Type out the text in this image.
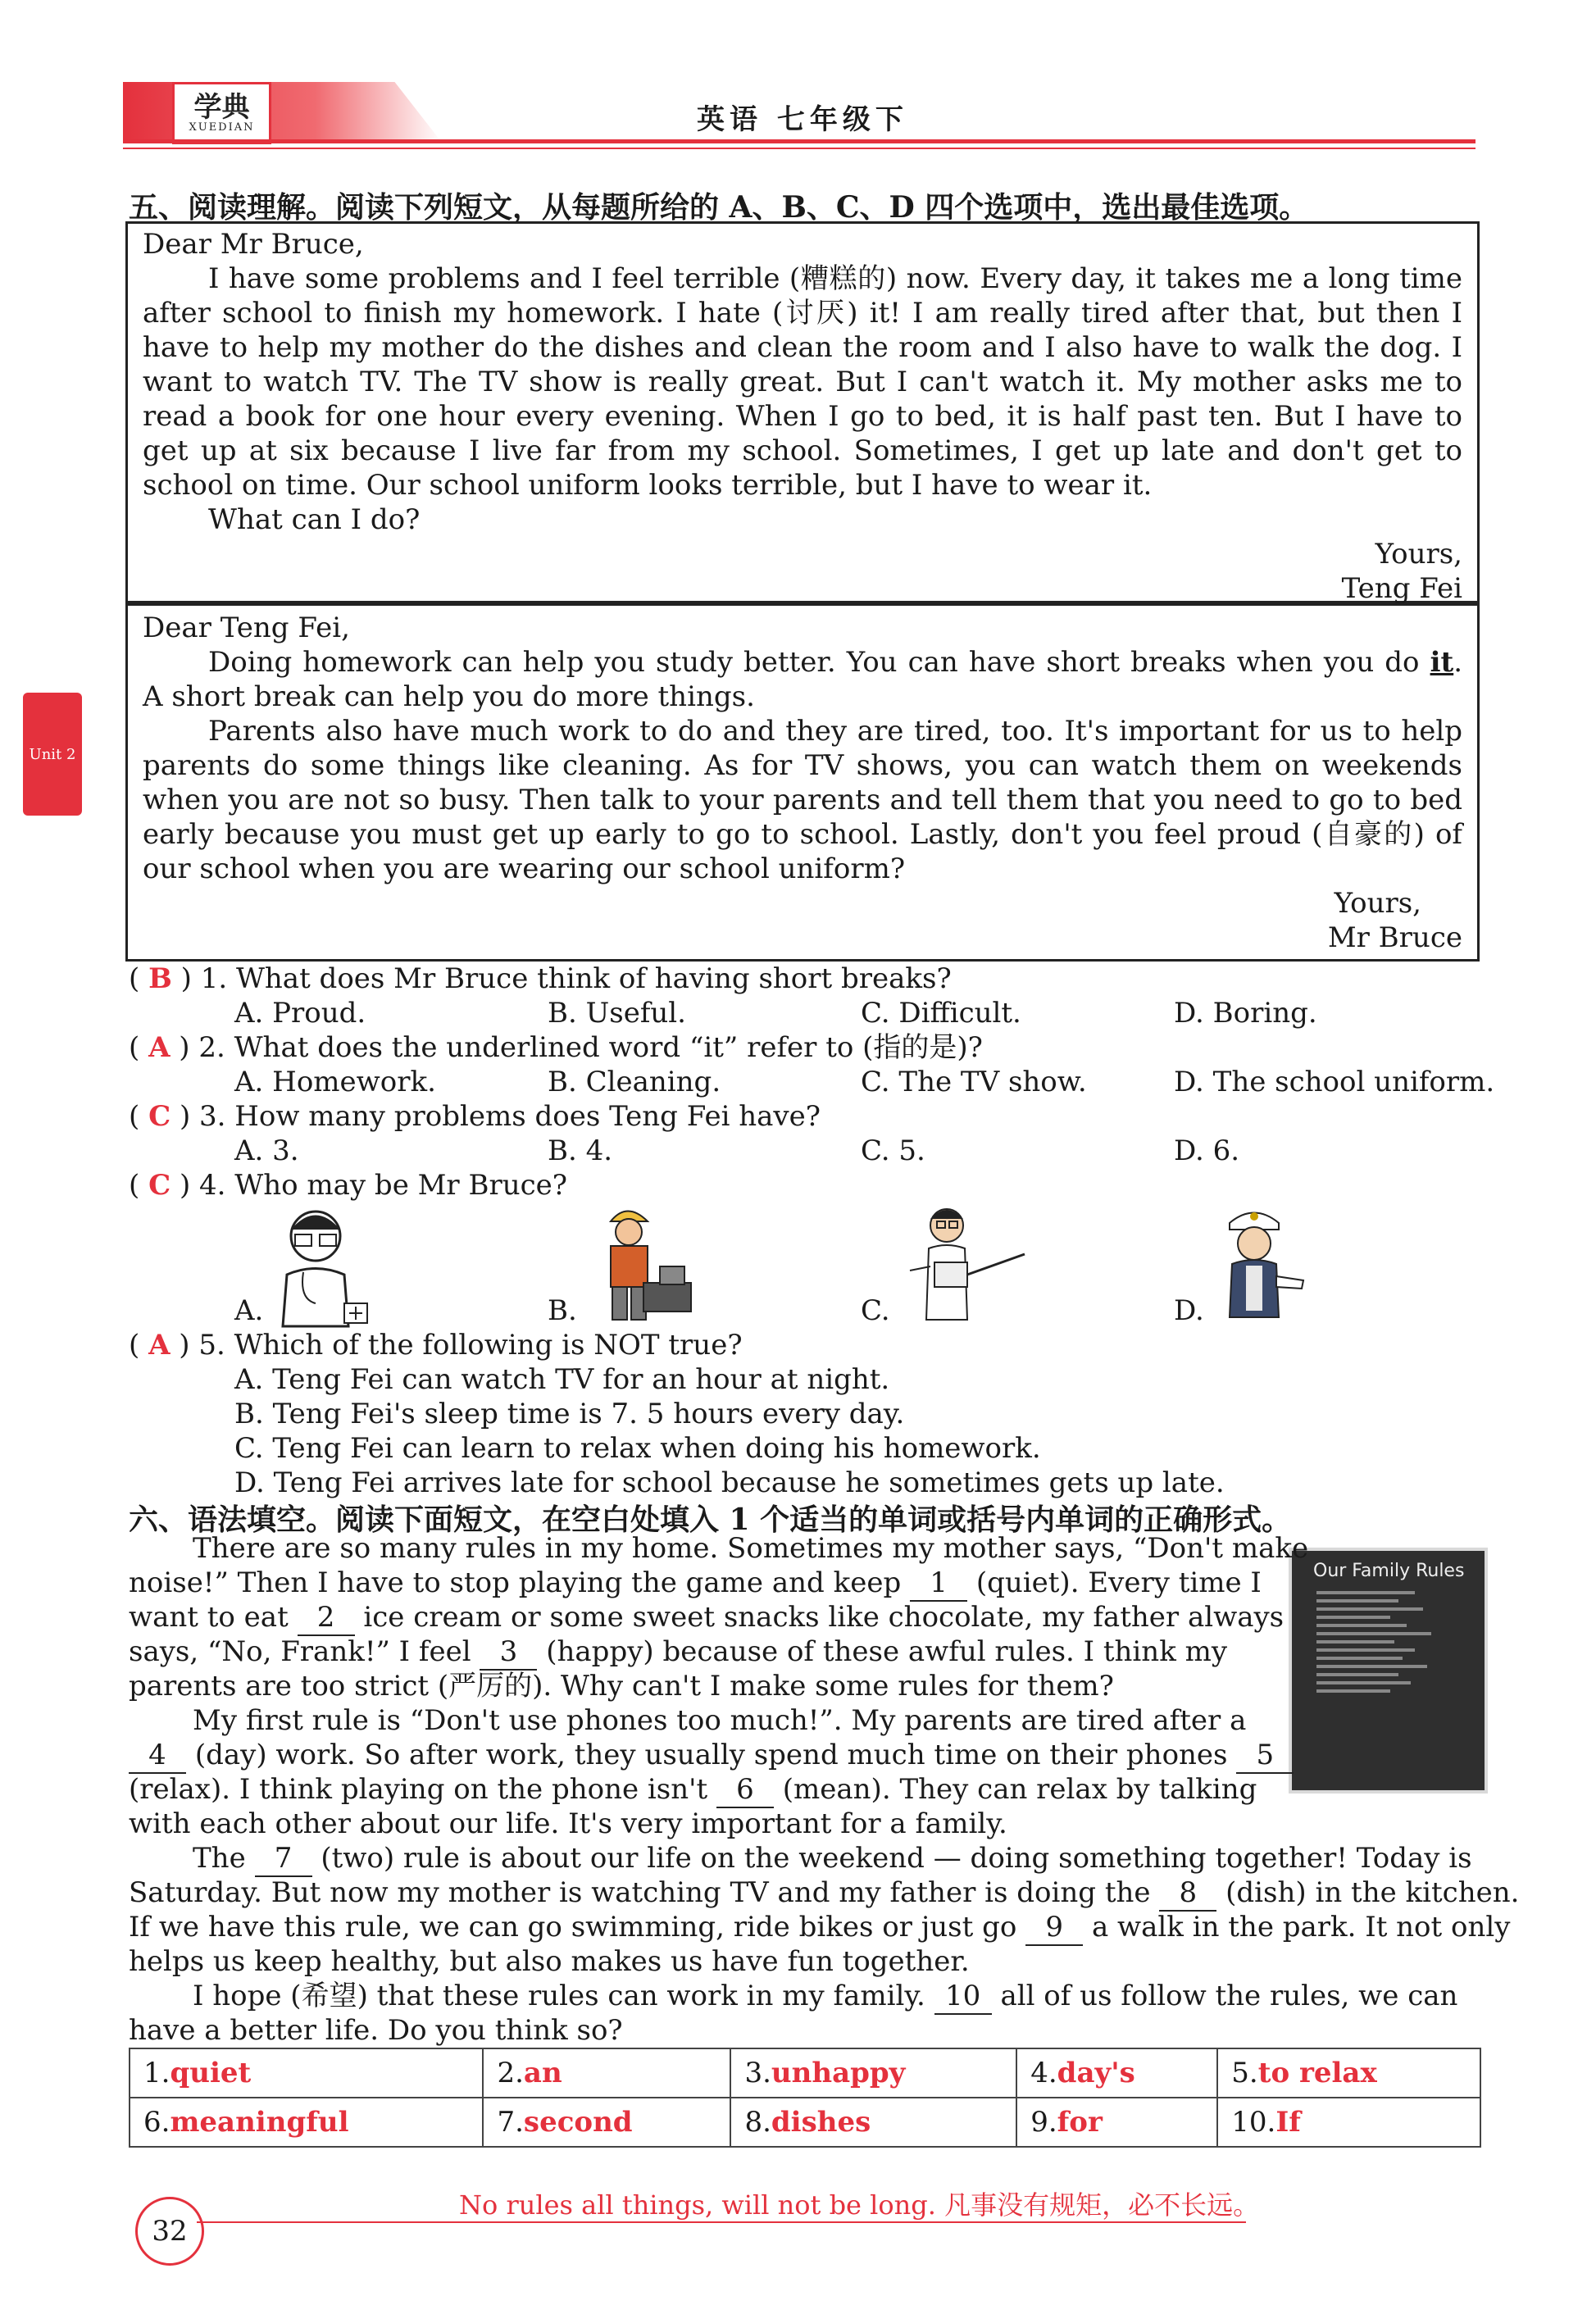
学典
XUEDIAN	英语 七年级下
Unit 2
五、阅读理解。阅读下列短文，从每题所给的 A、B、C、D 四个选项中，选出最佳选项。
Dear Mr Bruce,
I have some problems and I feel terrible (糟糕的) now. Every day, it takes me a long time after school to finish my homework. I hate (讨厌) it! I am really tired after that, but then I have to help my mother do the dishes and clean the room and I also have to walk the dog. I want to watch TV. The TV show is really great. But I can't watch it. My mother asks me to read a book for one hour every evening. When I go to bed, it is half past ten. But I have to get up at six because I live far from my school. Sometimes, I get up late and don't get to school on time. Our school uniform looks terrible, but I have to wear it.
What can I do?
Yours,
Teng Fei
Dear Teng Fei,
Doing homework can help you study better. You can have short breaks when you do it. A short break can help you do more things.
Parents also have much work to do and they are tired, too. It's important for us to help parents do some things like cleaning. As for TV shows, you can watch them on weekends when you are not so busy. Then talk to your parents and tell them that you need to go to bed early because you must get up early to go to school. Lastly, don't you feel proud (自豪的) of our school when you are wearing our school uniform?
Yours,
Mr Bruce
( B ) 1. What does Mr Bruce think of having short breaks?
A. Proud.	B. Useful.	C. Difficult.	D. Boring.
( A ) 2. What does the underlined word “it” refer to (指的是)?
A. Homework.	B. Cleaning.	C. The TV show.	D. The school uniform.
( C ) 3. How many problems does Teng Fei have?
A. 3.	B. 4.	C. 5.	D. 6.
( C ) 4. Who may be Mr Bruce?
A.	B.	C.	D.
( A ) 5. Which of the following is NOT true?
A. Teng Fei can watch TV for an hour at night.
B. Teng Fei's sleep time is 7. 5 hours every day.
C. Teng Fei can learn to relax when doing his homework.
D. Teng Fei arrives late for school because he sometimes gets up late.
六、语法填空。阅读下面短文，在空白处填入 1 个适当的单词或括号内单词的正确形式。
Our Family Rules
There are so many rules in my home. Sometimes my mother says, “Don't make
noise!” Then I have to stop playing the game and keep 1 (quiet). Every time I
want to eat 2 ice cream or some sweet snacks like chocolate, my father always
says, “No, Frank!” I feel 3 (happy) because of these awful rules. I think my
parents are too strict (严厉的). Why can't I make some rules for them?
My first rule is “Don't use phones too much!”. My parents are tired after a
4 (day) work. So after work, they usually spend much time on their phones 5
(relax). I think playing on the phone isn't 6 (mean). They can relax by talking
with each other about our life. It's very important for a family.
The 7 (two) rule is about our life on the weekend — doing something together! Today is
Saturday. But now my mother is watching TV and my father is doing the 8 (dish) in the kitchen.
If we have this rule, we can go swimming, ride bikes or just go 9 a walk in the park. It not only
helps us keep healthy, but also makes us have fun together.
I hope (希望) that these rules can work in my family. 10 all of us follow the rules, we can
have a better life. Do you think so?
1.quiet	2.an	3.unhappy	4.day's	5.to relax
6.meaningful	7.second	8.dishes	9.for	10.If
32
No rules all things, will not be long. 凡事没有规矩，必不长远。
